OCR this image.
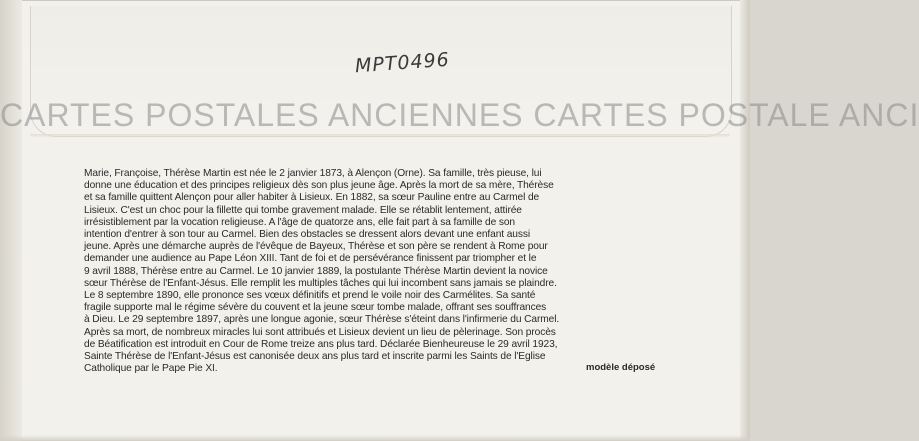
MPT0496
CARTES POSTALES ANCIENNES CARTES POSTALE ANCI
Marie, Françoise, Thérèse Martin est née le 2 janvier 1873, à Alençon (Orne). Sa famille, très pieuse, lui
donne une éducation et des principes religieux dès son plus jeune âge. Après la mort de sa mère, Thérèse
et sa famille quittent Alençon pour aller habiter à Lisieux. En 1882, sa sœur Pauline entre au Carmel de
Lisieux. C'est un choc pour la fillette qui tombe gravement malade. Elle se rétablit lentement, attirée
irrésistiblement par la vocation religieuse. A l'âge de quatorze ans, elle fait part à sa famille de son
intention d'entrer à son tour au Carmel. Bien des obstacles se dressent alors devant une enfant aussi
jeune. Après une démarche auprès de l'évêque de Bayeux, Thérèse et son père se rendent à Rome pour
demander une audience au Pape Léon XIII. Tant de foi et de persévérance finissent par triompher et le
9 avril 1888, Thérèse entre au Carmel. Le 10 janvier 1889, la postulante Thérèse Martin devient la novice
sœur Thérèse de l'Enfant-Jésus. Elle remplit les multiples tâches qui lui incombent sans jamais se plaindre.
Le 8 septembre 1890, elle prononce ses vœux définitifs et prend le voile noir des Carmélites. Sa santé
fragile supporte mal le régime sévère du couvent et la jeune sœur tombe malade, offrant ses souffrances
à Dieu. Le 29 septembre 1897, après une longue agonie, sœur Thérèse s'éteint dans l'infirmerie du Carmel.
Après sa mort, de nombreux miracles lui sont attribués et Lisieux devient un lieu de pèlerinage. Son procès
de Béatification est introduit en Cour de Rome treize ans plus tard. Déclarée Bienheureuse le 29 avril 1923,
Sainte Thérèse de l'Enfant-Jésus est canonisée deux ans plus tard et inscrite parmi les Saints de l'Eglise
Catholique par le Pape Pie XI.	modèle déposé
